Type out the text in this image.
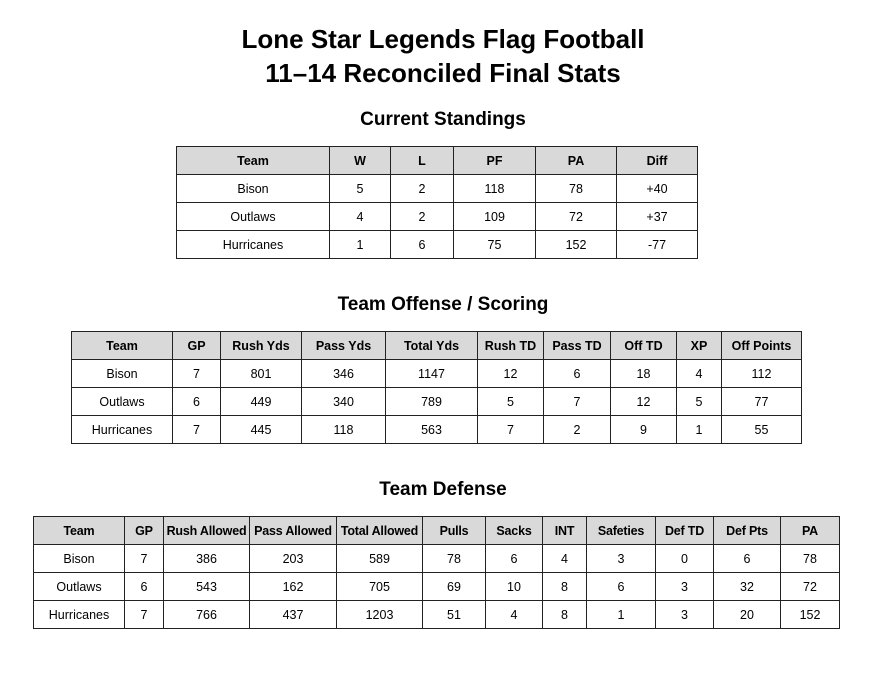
Lone Star Legends Flag Football
11–14 Reconciled Final Stats
Current Standings
Team	W	L	PF	PA	Diff
Bison	5	2	118	78	+40
Outlaws	4	2	109	72	+37
Hurricanes	1	6	75	152	-77
Team Offense / Scoring
Team	GP	Rush Yds	Pass Yds	Total Yds	Rush TD	Pass TD	Off TD	XP	Off Points
Bison	7	801	346	1147	12	6	18	4	112
Outlaws	6	449	340	789	5	7	12	5	77
Hurricanes	7	445	118	563	7	2	9	1	55
Team Defense
Team	GP	Rush Allowed	Pass Allowed	Total Allowed	Pulls	Sacks	INT	Safeties	Def TD	Def Pts	PA
Bison	7	386	203	589	78	6	4	3	0	6	78
Outlaws	6	543	162	705	69	10	8	6	3	32	72
Hurricanes	7	766	437	1203	51	4	8	1	3	20	152
